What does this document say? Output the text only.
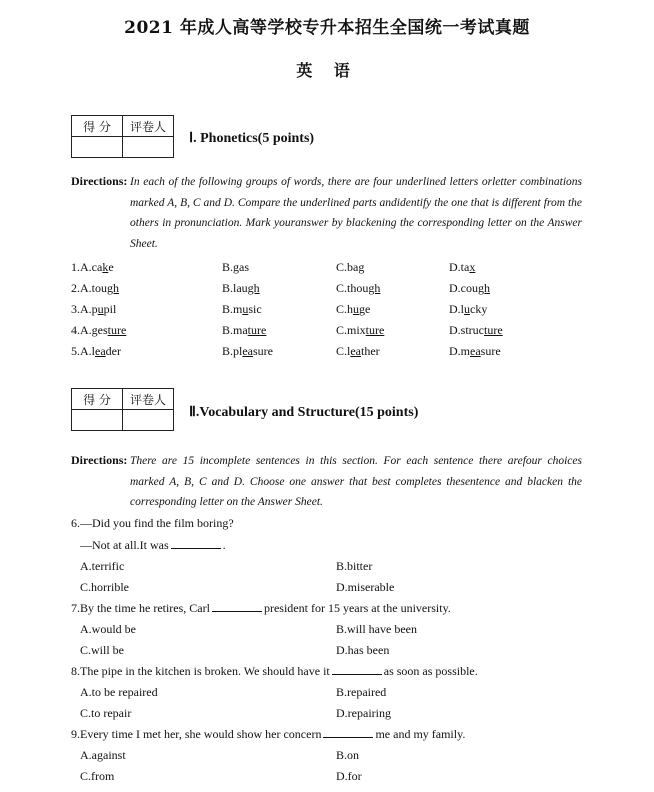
2021 年成人高等学校专升本招生全国统一考试真题
英 语
得 分	评卷人

Ⅰ. Phonetics(5 points)
Directions: In each of the following groups of words, there are four underlined letters orletter combinations marked A, B, C and D. Compare the underlined parts andidentify the one that is different from the others in pronunciation. Mark youranswer by blackening the corresponding letter on the Answer Sheet.
1.A.cake	B.gas	C.bag	D.tax
2.A.tough	B.laugh	C.though	D.cough
3.A.pupil	B.music	C.huge	D.lucky
4.A.gesture	B.mature	C.mixture	D.structure
5.A.leader	B.pleasure	C.leather	D.measure
得 分	评卷人

Ⅱ.Vocabulary and Structure(15 points)
Directions: There are 15 incomplete sentences in this section. For each sentence there arefour choices marked A, B, C and D. Choose one answer that best completes thesentence and blacken the corresponding letter on the Answer Sheet.
6.—Did you find the film boring?
—Not at all.It was	.
A.terrific	B.bitter
C.horrible	D.miserable
7.By the time he retires, Carl	president for 15 years at the university.
A.would be	B.will have been
C.will be	D.has been
8.The pipe in the kitchen is broken. We should have it	as soon as possible.
A.to be repaired	B.repaired
C.to repair	D.repairing
9.Every time I met her, she would show her concern	me and my family.
A.against	B.on
C.from	D.for
